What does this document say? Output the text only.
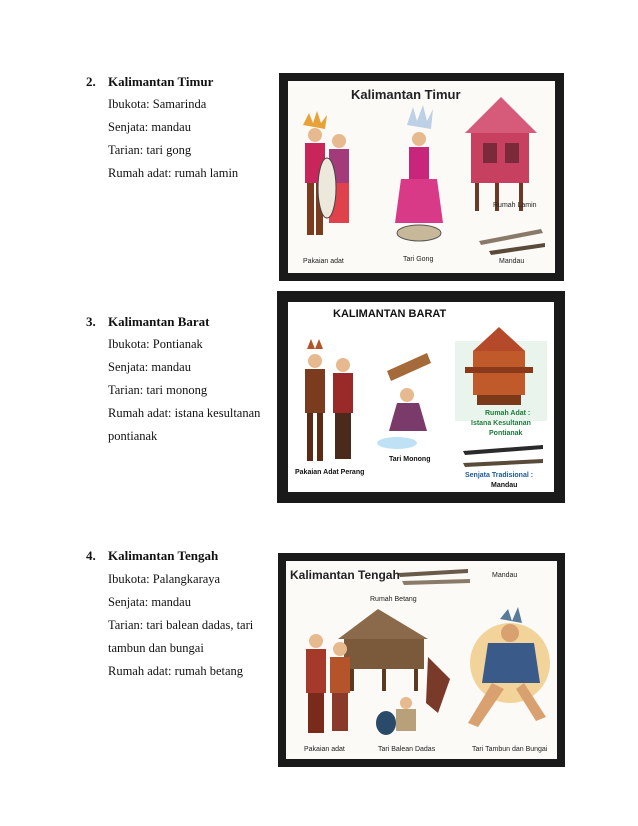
2. Kalimantan Timur
Ibukota: Samarinda
Senjata: mandau
Tarian: tari gong
Rumah adat: rumah lamin
Kalimantan Timur
Pakaian adat	Tari Gong
Rumah Lamin
Mandau
3. Kalimantan Barat
Ibukota: Pontianak
Senjata: mandau
Tarian: tari monong
Rumah adat: istana kesultanan
pontianak
KALIMANTAN BARAT
Pakaian Adat Perang
Tari Monong
Rumah Adat :
Istana Kesultanan
Pontianak
Senjata Tradisional :
Mandau
4. Kalimantan Tengah
Ibukota: Palangkaraya
Senjata: mandau
Tarian: tari balean dadas, tari
tambun dan bungai
Rumah adat: rumah betang
Kalimantan Tengah	Mandau
Rumah Betang
Pakaian adat	Tari Balean Dadas	Tari Tambun dan Bungai
